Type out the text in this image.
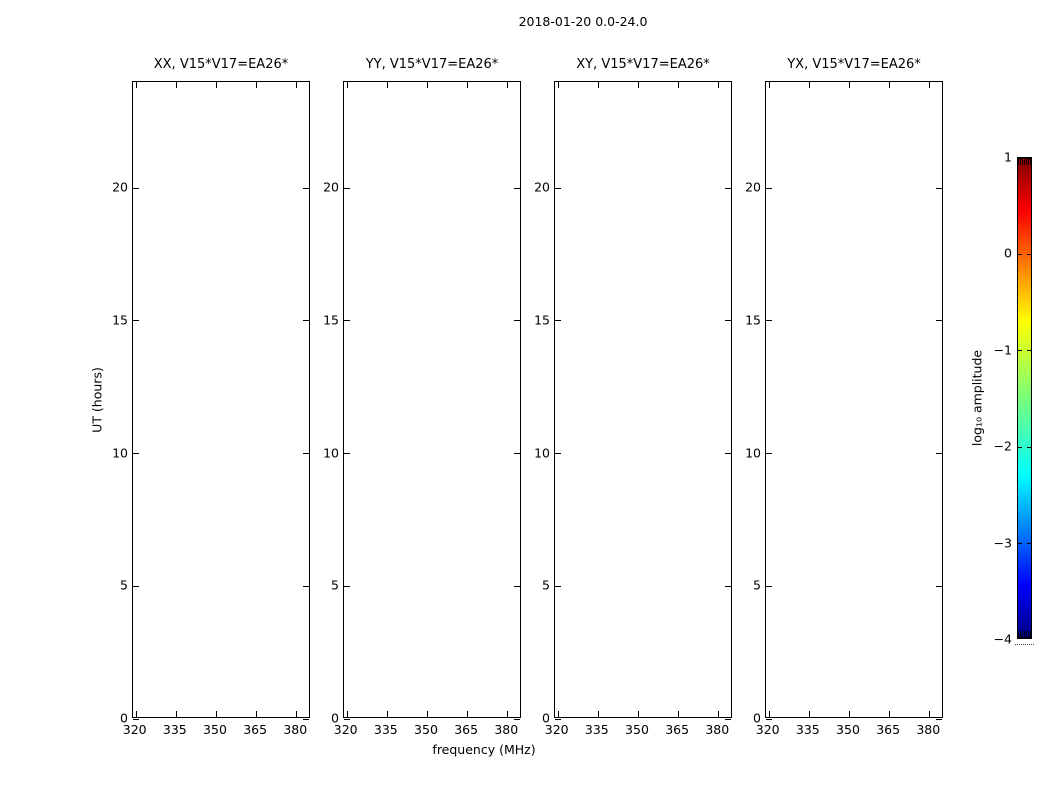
2018-01-20 0.0-24.0
UT (hours)
frequency (MHz)
log₁₀ amplitude
XX, V15*V17=EA26*
320 335 350 365 380
0
5
10
15
20
YY, V15*V17=EA26*
320 335 350 365 380
0
5
10
15
20
XY, V15*V17=EA26*
320 335 350 365 380
0
5
10
15
20
YX, V15*V17=EA26*
320 335 350 365 380
0
5
10
15
20
1
0
−1
−2
−3
−4
